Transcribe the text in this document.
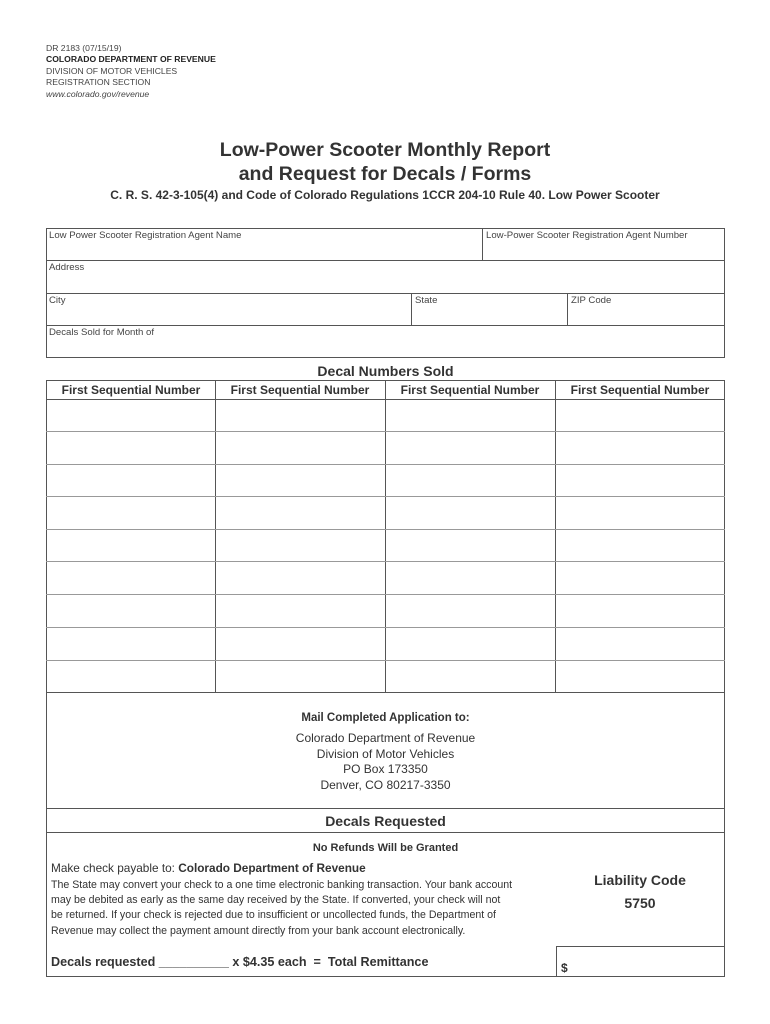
DR 2183 (07/15/19)
COLORADO DEPARTMENT OF REVENUE
DIVISION OF MOTOR VEHICLES
REGISTRATION SECTION
www.colorado.gov/revenue
Low-Power Scooter Monthly Report
and Request for Decals / Forms
C. R. S. 42-3-105(4) and Code of Colorado Regulations 1CCR 204-10 Rule 40. Low Power Scooter
Low Power Scooter Registration Agent Name	Low-Power Scooter Registration Agent Number
Address
City	State	ZIP Code
Decals Sold for Month of
Decal Numbers Sold
First Sequential Number	First Sequential Number	First Sequential Number	First Sequential Number
Mail Completed Application to:
Colorado Department of Revenue
Division of Motor Vehicles
PO Box 173350
Denver, CO 80217-3350
Decals Requested
No Refunds Will be Granted
Make check payable to: Colorado Department of Revenue
The State may convert your check to a one time electronic banking transaction. Your bank account
may be debited as early as the same day received by the State. If converted, your check will not
be returned. If your check is rejected due to insufficient or uncollected funds, the Department of
Revenue may collect the payment amount directly from your bank account electronically.
Liability Code
5750
Decals requested __________ x $4.35 each  =  Total Remittance	$
